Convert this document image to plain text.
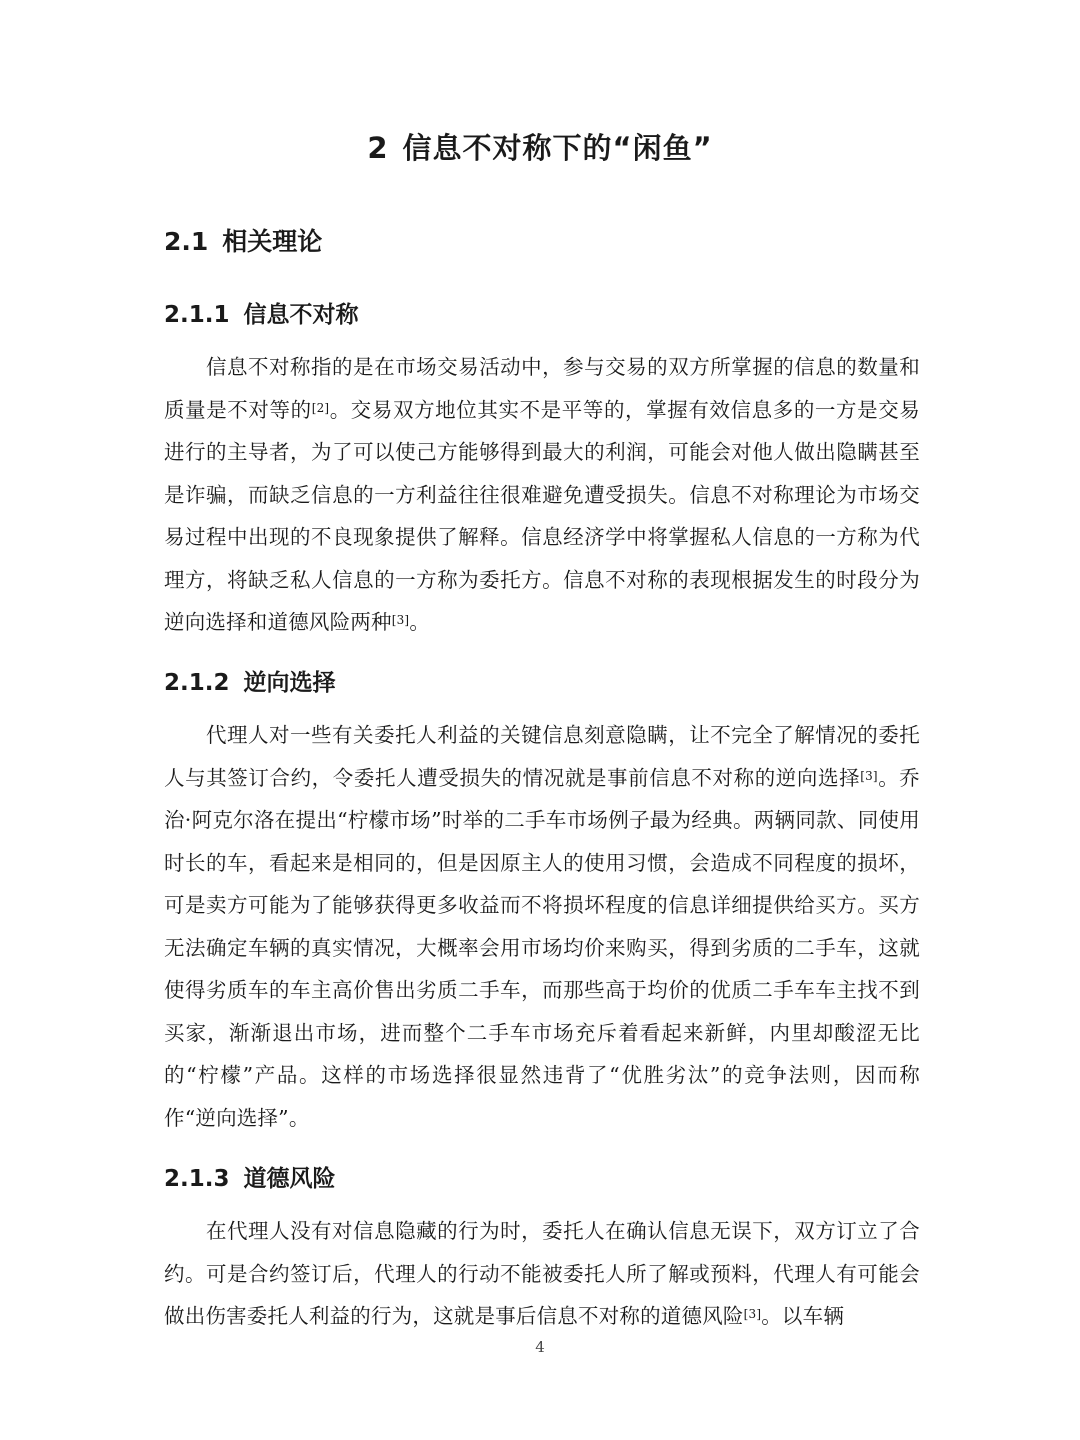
2 信息不对称下的“闲鱼”
2.1 相关理论
2.1.1 信息不对称

信息不对称指的是在市场交易活动中，参与交易的双方所掌握的信息的数量和质量是不对等的[2]。交易双方地位其实不是平等的，掌握有效信息多的一方是交易进行的主导者，为了可以使己方能够得到最大的利润，可能会对他人做出隐瞒甚至是诈骗，而缺乏信息的一方利益往往很难避免遭受损失。信息不对称理论为市场交易过程中出现的不良现象提供了解释。信息经济学中将掌握私人信息的一方称为代理方，将缺乏私人信息的一方称为委托方。信息不对称的表现根据发生的时段分为逆向选择和道德风险两种[3]。

2.1.2 逆向选择

代理人对一些有关委托人利益的关键信息刻意隐瞒，让不完全了解情况的委托人与其签订合约，令委托人遭受损失的情况就是事前信息不对称的逆向选择[3]。乔治·阿克尔洛在提出“柠檬市场”时举的二手车市场例子最为经典。两辆同款、同使用时长的车，看起来是相同的，但是因原主人的使用习惯，会造成不同程度的损坏，可是卖方可能为了能够获得更多收益而不将损坏程度的信息详细提供给买方。买方无法确定车辆的真实情况，大概率会用市场均价来购买，得到劣质的二手车，这就使得劣质车的车主高价售出劣质二手车，而那些高于均价的优质二手车车主找不到买家，渐渐退出市场，进而整个二手车市场充斥着看起来新鲜，内里却酸涩无比的“柠檬”产品。这样的市场选择很显然违背了“优胜劣汰”的竞争法则，因而称作“逆向选择”。

2.1.3 道德风险

在代理人没有对信息隐藏的行为时，委托人在确认信息无误下，双方订立了合约。可是合约签订后，代理人的行动不能被委托人所了解或预料，代理人有可能会做出伤害委托人利益的行为，这就是事后信息不对称的道德风险[3]。以车辆

4
